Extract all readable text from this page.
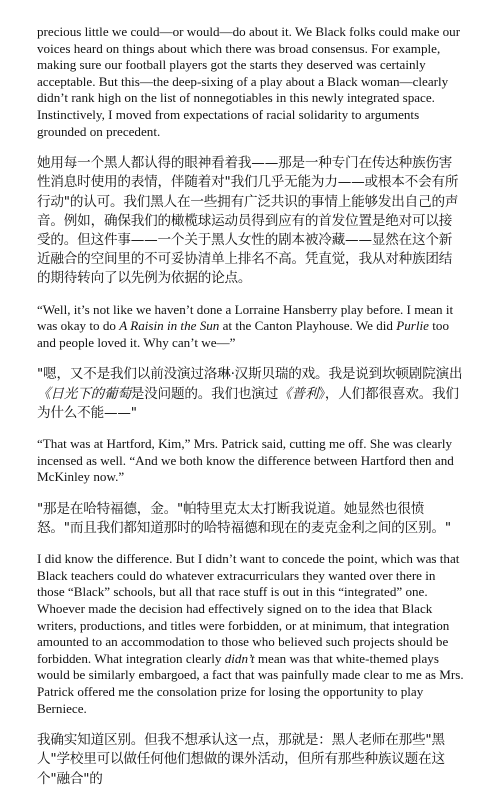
precious little we could—or would—do about it. We Black folks could make our voices heard on things about which there was broad consensus. For example, making sure our football players got the starts they deserved was certainly acceptable. But this—the deep-sixing of a play about a Black woman—clearly didn’t rank high on the list of nonnegotiables in this newly integrated space. Instinctively, I moved from expectations of racial solidarity to arguments grounded on precedent.

她用每一个黑人都认得的眼神看着我——那是一种专门在传达种族伤害性消息时使用的表情，伴随着对"我们几乎无能为力——或根本不会有所行动"的认可。我们黑人在一些拥有广泛共识的事情上能够发出自己的声音。例如，确保我们的橄榄球运动员得到应有的首发位置是绝对可以接受的。但这件事——一个关于黑人女性的剧本被冷藏——显然在这个新近融合的空间里的不可妥协清单上排名不高。凭直觉，我从对种族团结的期待转向了以先例为依据的论点。

“Well, it’s not like we haven’t done a Lorraine Hansberry play before. I mean it was okay to do A Raisin in the Sun at the Canton Playhouse. We did Purlie too and people loved it. Why can’t we—”

"嗯，又不是我们以前没演过洛琳·汉斯贝瑞的戏。我是说到坎顿剧院演出《日光下的葡萄是没问题的。我们也演过《普利》，人们都很喜欢。我们为什么不能——"

“That was at Hartford, Kim,” Mrs. Patrick said, cutting me off. She was clearly incensed as well. “And we both know the difference between Hartford then and McKinley now.”

"那是在哈特福德，金。"帕特里克太太打断我说道。她显然也很愤怒。"而且我们都知道那时的哈特福德和现在的麦克金利之间的区别。"

I did know the difference. But I didn’t want to concede the point, which was that Black teachers could do whatever extracurriculars they wanted over there in those “Black” schools, but all that race stuff is out in this “integrated” one. Whoever made the decision had effectively signed on to the idea that Black writers, productions, and titles were forbidden, or at minimum, that integration amounted to an accommodation to those who believed such projects should be forbidden. What integration clearly didn’t mean was that white-themed plays would be similarly embargoed, a fact that was painfully made clear to me as Mrs. Patrick offered me the consolation prize for losing the opportunity to play Berniece.

我确实知道区别。但我不想承认这一点，那就是：黑人老师在那些"黑人"学校里可以做任何他们想做的课外活动，但所有那些种族议题在这个"融合"的
